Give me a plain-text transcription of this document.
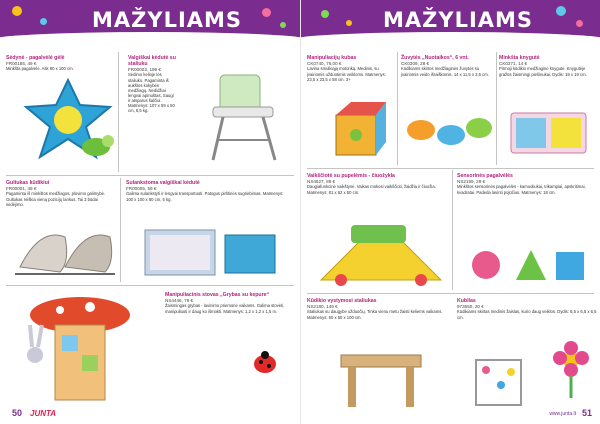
MAŽYLIAMS
Sėdynė - pagalvėlė gėlė
FR00185, 49 €
Minkšta pagalvėlė. Ask 80 x 100 cm.
Valgiškai kėdutė su staliuku
FR00003, 199 €
Sėdimo kelioje lės staliuko. Pagaminta iš aukštos kokybės medžiagų. Nedidžiai lengvai apmuštas, Saugi ir atsparus šalčiui. Matmenys: 107 x 59 x 50 cm, 6,5 kg.
Gultukas kūdikiui
FR00001, 49 €
Pagaminta iš minkštos medžiagos, plovimo galimybė. Gultukas reiškia vieną pozicijų lankus. Tai 3 būdai sėdėjimo.
Sulankstoma valgiškai kėdutė
FR00005, 59 €
Galima sulankstyti ir lengvai transportuoti. Patogus pirštinės sugriebimas. Matmenys: 100 x 100 x 60 cm, 5 kg.
Manipuliacinis stovas „Grybas su kepure“
NS4446, 79 €
Žaismingas grybas - lavinimo priemonė vaikams. Galima stovėti, manipuliuoti ir daug ko išmokti. Matmenys: 1,2 x 1,2 x 1,5 m.
50 JUNTA
MAŽYLIAMS
Manipuliacijų kubas
CK0740, 76,00 €
Lavina smulkiąją motoriką. Medinis, su įvairiomis užduotimis veikloms. Matmenys: 23,5 x 23,5 x 58 cm. 3+
Žuvytės „Nuotaikos“, 6 vnt.
CK0309, 28 €
Kūdikiams skirtos medžiaginės žuvytės su įvairiomis veido išraiškomis. 14 x 11,5 x 3,5 cm.
Minkšta knygutė
CK0371, 14 €
Pirmoji kūdikio medžiaginė knygutė. Knygutėje gražūs žaismingi piešinukai. Dydis: 19 x 19 cm.
Vaikščiotė su pupelėmis - čiuožykla
NS4627, 89 €
Daugiafunkcinė vaikštynė. Vaikas mokosi vaikščioti, žaidžia ir čiuožia. Matmenys: 81 x 62 x 50 cm.
Sensorinės pagalvėlės
NS2159, 29 €
Minkštos sensorinės pagalvėlės - kamuoliukai, trikampiai, apskritimai, kvadratai. Padeda lavinti pojūčius. Matmenys: 18 cm.
Kūdikio vystymosi staliukas
NS2180, 149 €
Staliukas su daugybe užduočių. Tinka vienu metu žaisti keliems vaikams. Matmenys: 50 x 50 x 100 cm.
Kubilas
973550, 20 €
Kūdikiams skirtas medinis žaislas, kurio daug veiklos. Dydis: 6,5 x 6,5 x 6,5 cm.
www.junta.lt 51
